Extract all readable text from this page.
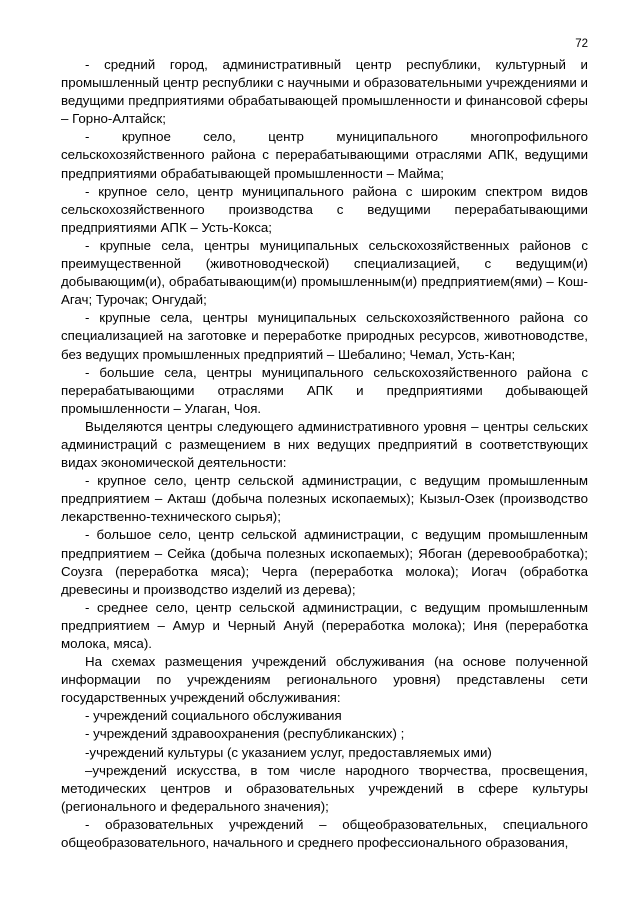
72

- средний город, административный центр республики, культурный и промышленный центр республики с научными и образовательными учреждениями и ведущими предприятиями обрабатывающей промышленности и финансовой сферы – Горно-Алтайск;

- крупное село, центр муниципального многопрофильного сельскохозяйственного района с перерабатывающими отраслями АПК, ведущими предприятиями обрабатывающей промышленности – Майма;

- крупное село, центр муниципального района с широким спектром видов сельскохозяйственного производства с ведущими перерабатывающими предприятиями АПК – Усть-Кокса;

- крупные села, центры муниципальных сельскохозяйственных районов с преимущественной (животноводческой) специализацией, с ведущим(и) добывающим(и), обрабатывающим(и) промышленным(и) предприятием(ями) – Кош-Агач; Турочак; Онгудай;

- крупные села, центры муниципальных сельскохозяйственного района со специализацией на заготовке и переработке природных ресурсов, животноводстве, без ведущих промышленных предприятий – Шебалино; Чемал, Усть-Кан;

- большие села, центры муниципального сельскохозяйственного района с перерабатывающими отраслями АПК и предприятиями добывающей промышленности – Улаган, Чоя.

Выделяются центры следующего административного уровня – центры сельских администраций с размещением в них ведущих предприятий в соответствующих видах экономической деятельности:

- крупное село, центр сельской администрации, с ведущим промышленным предприятием – Акташ (добыча полезных ископаемых); Кызыл-Озек (производство лекарственно-технического сырья);

- большое село, центр сельской администрации, с ведущим промышленным предприятием – Сейка (добыча полезных ископаемых); Ябоган (деревообработка); Соузга (переработка мяса); Черга (переработка молока); Иогач (обработка древесины и производство изделий из дерева);

- среднее село, центр сельской администрации, с ведущим промышленным предприятием – Амур и Черный Ануй (переработка молока); Иня (переработка молока, мяса).

На схемах размещения учреждений обслуживания (на основе полученной информации по учреждениям регионального уровня) представлены сети государственных учреждений обслуживания:

- учреждений социального обслуживания

- учреждений здравоохранения (республиканских) ;

-учреждений культуры (с указанием услуг, предоставляемых ими)

–учреждений искусства, в том числе народного творчества, просвещения, методических центров и образовательных учреждений в сфере культуры (регионального и федерального значения);

- образовательных учреждений – общеобразовательных, специального общеобразовательного, начального и среднего профессионального образования,
